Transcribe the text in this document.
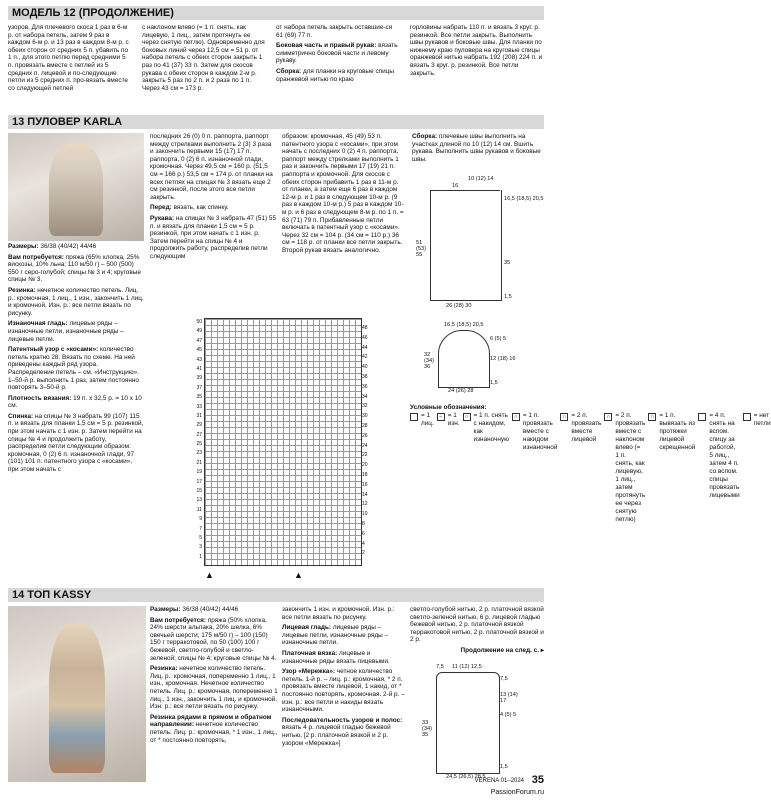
МОДЕЛЬ 12 (ПРОДОЛЖЕНИЕ)

узоров. Для плечевого скоса 1 раз в 6-м р. от набора петель, затем 9 раз в каждом 6-м р. и 13 раз в каждом 8-м р. с обеих сторон от средних 5 п. убавить по 1 п., для этого петлю перед средними 5 п. провязать вместе с петлей из 5 средних п. лицевой и по-следующие петли из 5 средних п. про-вязать вместе со следующей петлей

с наклоном влево (= 1 п. снять, как лицевую, 1 лиц., затем протянуть ее через снятую петлю). Одновременно для боковых линий через 12,5 см = 51 р. от набора петель с обеих сторон закрыть 1 раз по 41 (37) 33 п. Затем для скосов рукава с обеих сторон в каждом 2-м р. закрыть 5 раз по 2 п. и 2 раза по 1 п. Через 43 см = 173 р.

от набора петель закрыть оставшие-ся 61 (69) 77 п.

Боковая часть и правый рукав: вязать симметрично боковой части и левому рукаву.

Сборка: для планки на круговые спицы оранжевой нитью по краю

горловины набрать 110 п. и вязать 3 круг. р. резинкой. Все петли закрыть. Выполнить швы рукавов и боковые швы. Для планки по нижнему краю пуловера на круговые спицы оранжевой нитью набрать 192 (208) 224 п. и вязать 3 круг. р. резинкой. Все петли закрыть.

13 ПУЛОВЕР KARLA

Размеры: 36/38 (40/42) 44/46

Вам потребуется: пряжа (65% хлопка, 25% вискозы, 10% льна; 110 м/50 г) – 500 (500) 550 г серо-голубой; спицы № 3 и 4; круговые спицы № 3.

Резинка: нечетное количество петель. Лиц. р.: кромочная, 1 лиц., 1 изн., закончить 1 лиц. и кромочной. Изн. р.: все петли вязать по рисунку.

Изнаночная гладь: лицевые ряды – изнаночные петли, изнаночные ряды – лицевые петли.

Патентный узор с «косами»: количество петель кратно 28. Вязать по схеме. На ней приведены каждый ряд узора. Распределение петель – см. «Инструкцию». 1–50-й р. выполнить 1 раз, затем постоянно повторять 3–50-й р.

Плотность вязания: 19 п. х 32,5 р. = 10 х 10 см.

Спинка: на спицы № 3 набрать 99 (107) 115 п. и вязать для планки 1,5 см = 5 р. резинкой, при этом начать с 1 изн. р. Затем перейти на спицы № 4 и продолжить работу, распределив петли следующим образом: кромочная, 0 (2) 6 п. изнаночной глади, 97 (101) 101 п. патентного узора с «косами», при этом начать с

последних 26 (0) 0 п. раппорта, раппорт между стрелками выполнить 2 (3) 3 раза и закончить первыми 15 (17) 17 п. раппорта, 0 (2) 6 п. изнаночной глади, кромочная. Через 49,5 см = 160 р. (51,5 см = 166 р.) 53,5 см = 174 р. от планки на всех петлях на спицах № 3 вязать еще 2 см резинкой, после этого все петли закрыть.

Перед: вязать, как спинку.

Рукава: на спицах № 3 набрать 47 (51) 55 п. и вязать для планки 1,5 см = 5 р. резинкой, при этом начать с 1 изн. р. Затем перейти на спицы № 4 и продолжить работу, распределив петли следующим

образом: кромочная, 45 (49) 53 п. патентного узора с «косами», при этом начать с последних 0 (2) 4 п. раппорта, раппорт между стрелками выполнить 1 раз и закончить первыми 17 (19) 21 п. раппорта и кромочной. Для скосов с обеих сторон прибавить 1 раз в 11-м р. от планки, а затем еще 6 раз в каждом 12-м р. и 1 раз в следующем 10-м р. (9 раз в каждом 10-м р.) 5 раз в каждом 10-м р. и 6 раз в следующем 8-м р. по 1 п. = 63 (71) 79 п. Прибавленные петли включать в патентный узор с «косами». Через 32 см = 104 р. (34 см = 110 р.) 36 см = 118 р. от планки все петли закрыть. Второй рукав вязать аналогично.

Сборка: плечевые швы выполнить на участках длиной по 10 (12) 14 см. Вшить рукава. Выполнить швы рукавов и боковые швы.

50
49
47
45
43
41
39
37
35
33
31
29
27
25
23
21
19
17
15
13
11
9
7
5
3
1
48
46
44
42
40
38
36
34
32
30
28
26
24
22
20
18
16
14
12
10
8
6
4
2
▲	▲
16
10 (12) 14
16,5 (18,5) 20,5
51 (53) 55
35
26 (28) 30
1,5
16,5 (18,5) 20,5
32 (34) 36
6 (5) 5
12 (18) 16
24 (26) 28
1,5
Условные обозначения:
= 1 лиц.
– = 1 изн.
∩ = 1 п. снять с накидом, как изнаночную
∩ = 1 п. провязать вместе с накидом изнаночной
∩ = 2 п. провязать вместе лицевой
∩ = 2 п. провязать вместе с наклоном влево (= 1 п. снять, как лицевую, 1 лиц., затем протянуть ее через снятую петлю)
∩ = 1 п. вывязать из протяжки лицевой скрещенной
= 4 п. снять на вспом. спицу за работой, 5 лиц., затем 4 п. со вспом. спицы провязать лицевыми
= нет петли
14 ТОП KASSY

Размеры: 36/38 (40/42) 44/46

Вам потребуется: пряжа (50% хлопка, 24% шерсти альпака, 20% шелка, 6% овечьей шерсти; 175 м/50 г) – 100 (150) 150 г терракотовой, по 50 (100) 100 г бежевой, светло-голубой и светло-зеленой; спицы № 4; круговые спицы № 4.

Резинка: нечетное количество петель. Лиц. р.: кромочная, попеременно 1 лиц., 1 изн., кромочная. Нечетное количество петель. Лиц. р.: кромочная, попеременно 1 лиц., 1 изн., закончить 1 лиц. и кромочной. Изн. р.: все петли вязать по рисунку.

Резинка рядами в прямом и обратном направлении: нечетное количество петель. Лиц. р.: кромочная, * 1 изн., 1 лиц., от * постоянно повторять,

закончить 1 изн. и кромочной. Изн. р.: все петли вязать по рисунку.

Лицевая гладь: лицевые ряды – лицевые петли, изнаночные ряды – изнаночные петли.

Платочная вязка: лицевые и изнаночные ряды вязать лицевыми.

Узор «Мережка»: четное количество петель. 1-й р. – лиц. р.: кромочная, * 2 п. провязать вместе лицевой, 1 накид, от * постоянно повторять, кромочная. 2-й р. – изн. р.: все петли и накиды вязать изнаночными.

Последовательность узоров и полос: вязать 4 р. лицевой гладью бежевой нитью, [2 р. платочной вязкой и 2 р. узором «Мережка»]

светло-голубой нитью, 2 р. платочной вязкой светло-зеленой нитью, 6 р. лицевой гладью бежевой нитью, 2 р. платочной вязкой терракотовой нитью, 2 р. платочной вязкой и 2 р.

Продолжение на след. с. ▸

7,5 11 (12) 12,5
7,5
13 (14) 17
4 (5) 5
33 (34) 35
24,5 (26,5) 28,5
1,5
VERENA 01–2024 35
PassionForum.ru
